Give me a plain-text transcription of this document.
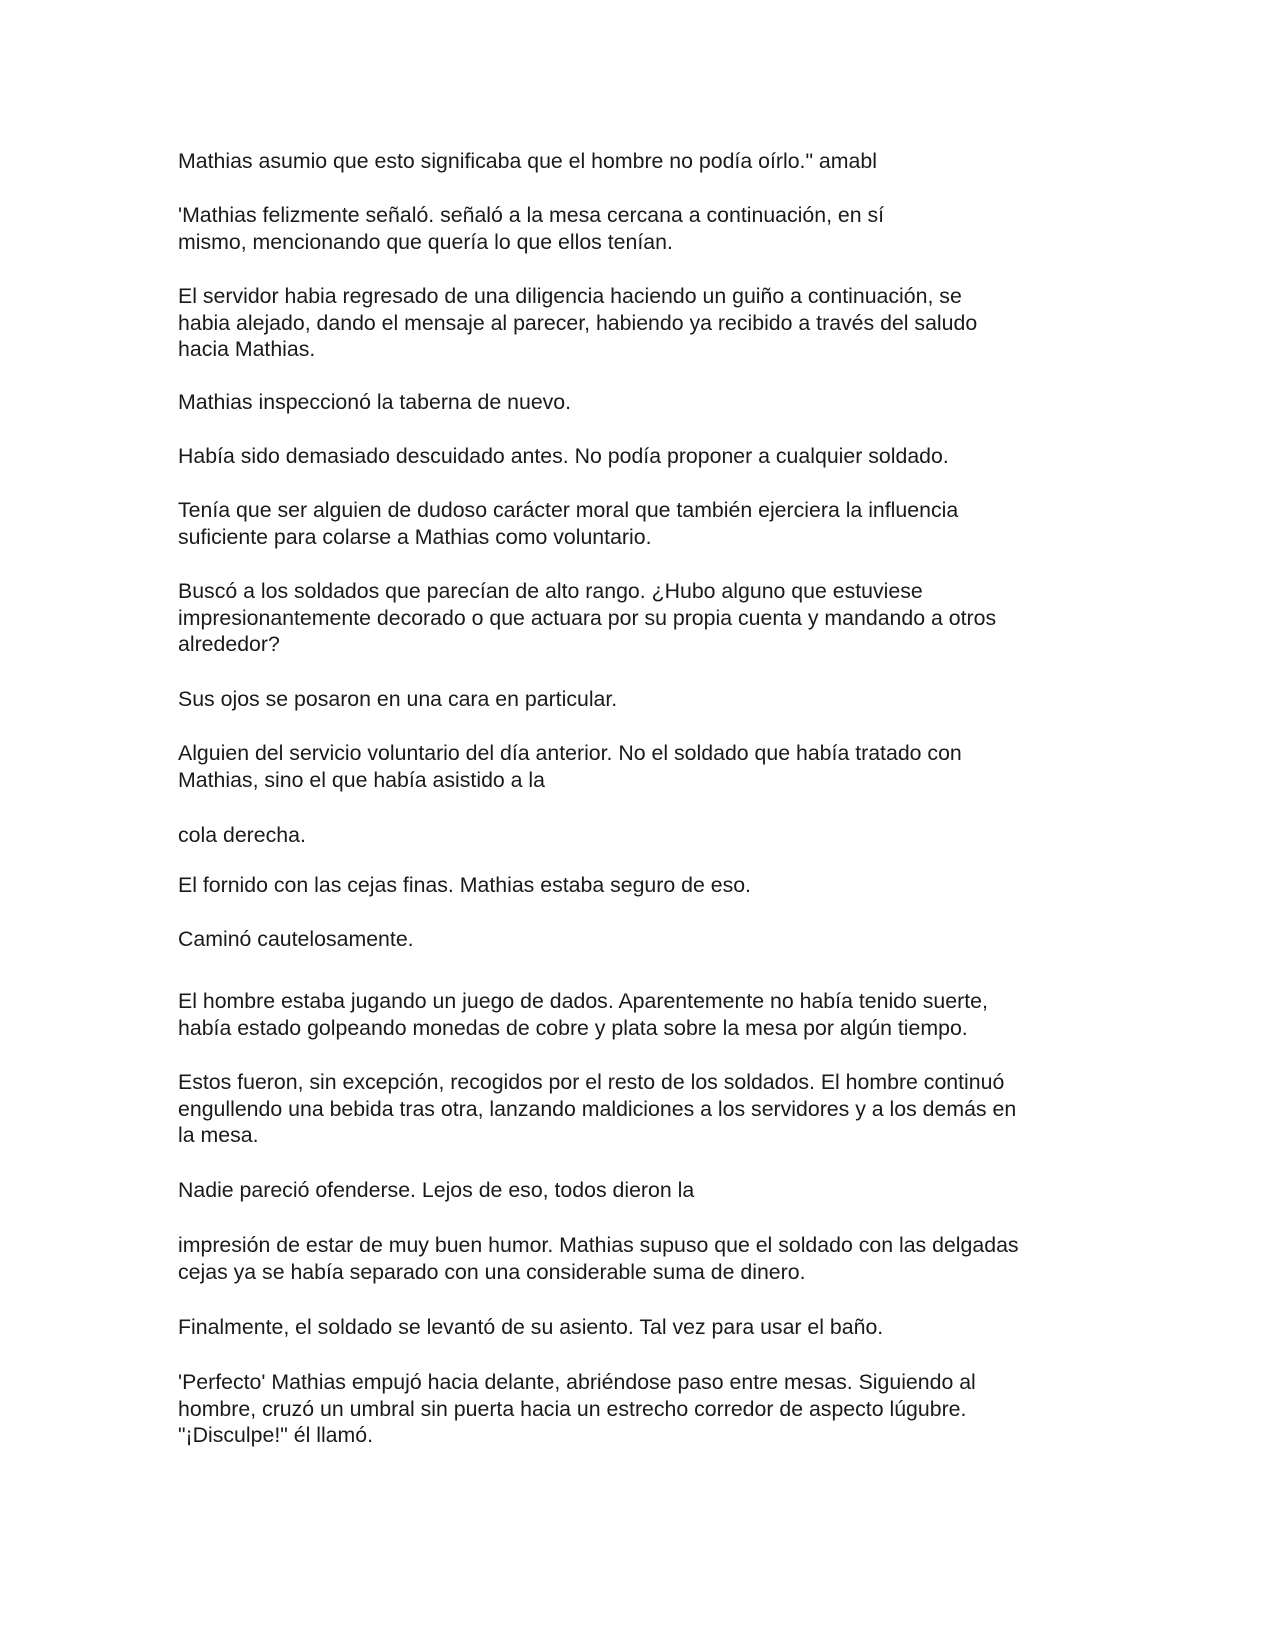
Mathias asumio que esto significaba que el hombre no podía oírlo." amabl

'Mathias felizmente señaló. señaló a la mesa cercana a continuación, en sí
mismo, mencionando que quería lo que ellos tenían.

El servidor habia regresado de una diligencia haciendo un guiño a continuación, se
habia alejado, dando el mensaje al parecer, habiendo ya recibido a través del saludo
hacia Mathias.

Mathias inspeccionó la taberna de nuevo.

Había sido demasiado descuidado antes. No podía proponer a cualquier soldado.

Tenía que ser alguien de dudoso carácter moral que también ejerciera la influencia
suficiente para colarse a Mathias como voluntario.

Buscó a los soldados que parecían de alto rango. ¿Hubo alguno que estuviese
impresionantemente decorado o que actuara por su propia cuenta y mandando a otros
alrededor?

Sus ojos se posaron en una cara en particular.

Alguien del servicio voluntario del día anterior. No el soldado que había tratado con
Mathias, sino el que había asistido a la

cola derecha.

El fornido con las cejas finas. Mathias estaba seguro de eso.

Caminó cautelosamente.

El hombre estaba jugando un juego de dados. Aparentemente no había tenido suerte,
había estado golpeando monedas de cobre y plata sobre la mesa por algún tiempo.

Estos fueron, sin excepción, recogidos por el resto de los soldados. El hombre continuó
engullendo una bebida tras otra, lanzando maldiciones a los servidores y a los demás en
la mesa.

Nadie pareció ofenderse. Lejos de eso, todos dieron la

impresión de estar de muy buen humor. Mathias supuso que el soldado con las delgadas
cejas ya se había separado con una considerable suma de dinero.

Finalmente, el soldado se levantó de su asiento. Tal vez para usar el baño.

'Perfecto' Mathias empujó hacia delante, abriéndose paso entre mesas. Siguiendo al
hombre, cruzó un umbral sin puerta hacia un estrecho corredor de aspecto lúgubre.
"¡Disculpe!" él llamó.
